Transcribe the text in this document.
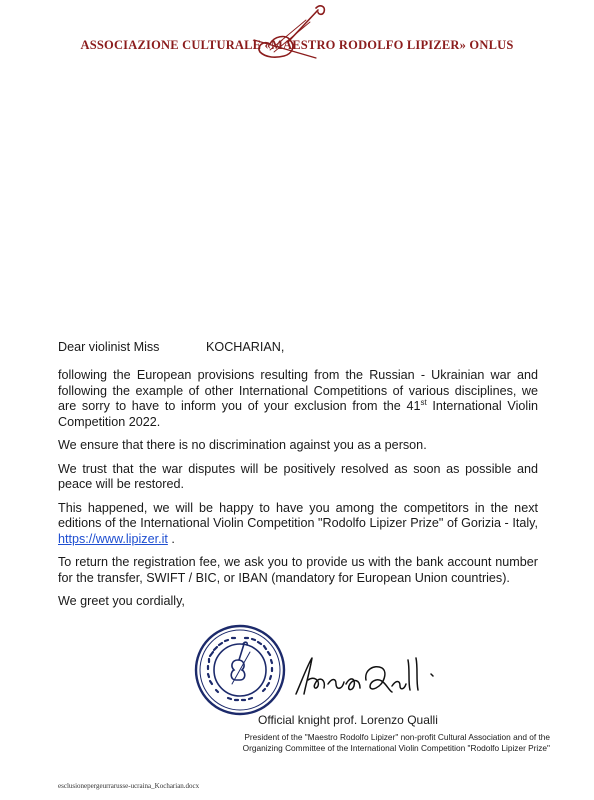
ASSOCIAZIONE CULTURALE «MAESTRO RODOLFO LIPIZER» ONLUS
Dear violinist Miss	KOCHARIAN,

following the European provisions resulting from the Russian - Ukrainian war and following the example of other International Competitions of various disciplines, we are sorry to have to inform you of your exclusion from the 41st International Violin Competition 2022.

We ensure that there is no discrimination against you as a person.

We trust that the war disputes will be positively resolved as soon as possible and peace will be restored.

This happened, we will be happy to have you among the competitors in the next editions of the International Violin Competition "Rodolfo Lipizer Prize" of Gorizia - Italy, https://www.lipizer.it .

To return the registration fee, we ask you to provide us with the bank account number for the transfer, SWIFT / BIC, or IBAN (mandatory for European Union countries).

We greet you cordially,

Official knight prof. Lorenzo Qualli
President of the "Maestro Rodolfo Lipizer" non-profit Cultural Association and of the
Organizing Committee of the International Violin Competition "Rodolfo Lipizer Prize"
esclusionepergeurrarusse-ucraina_Kocharian.docx
